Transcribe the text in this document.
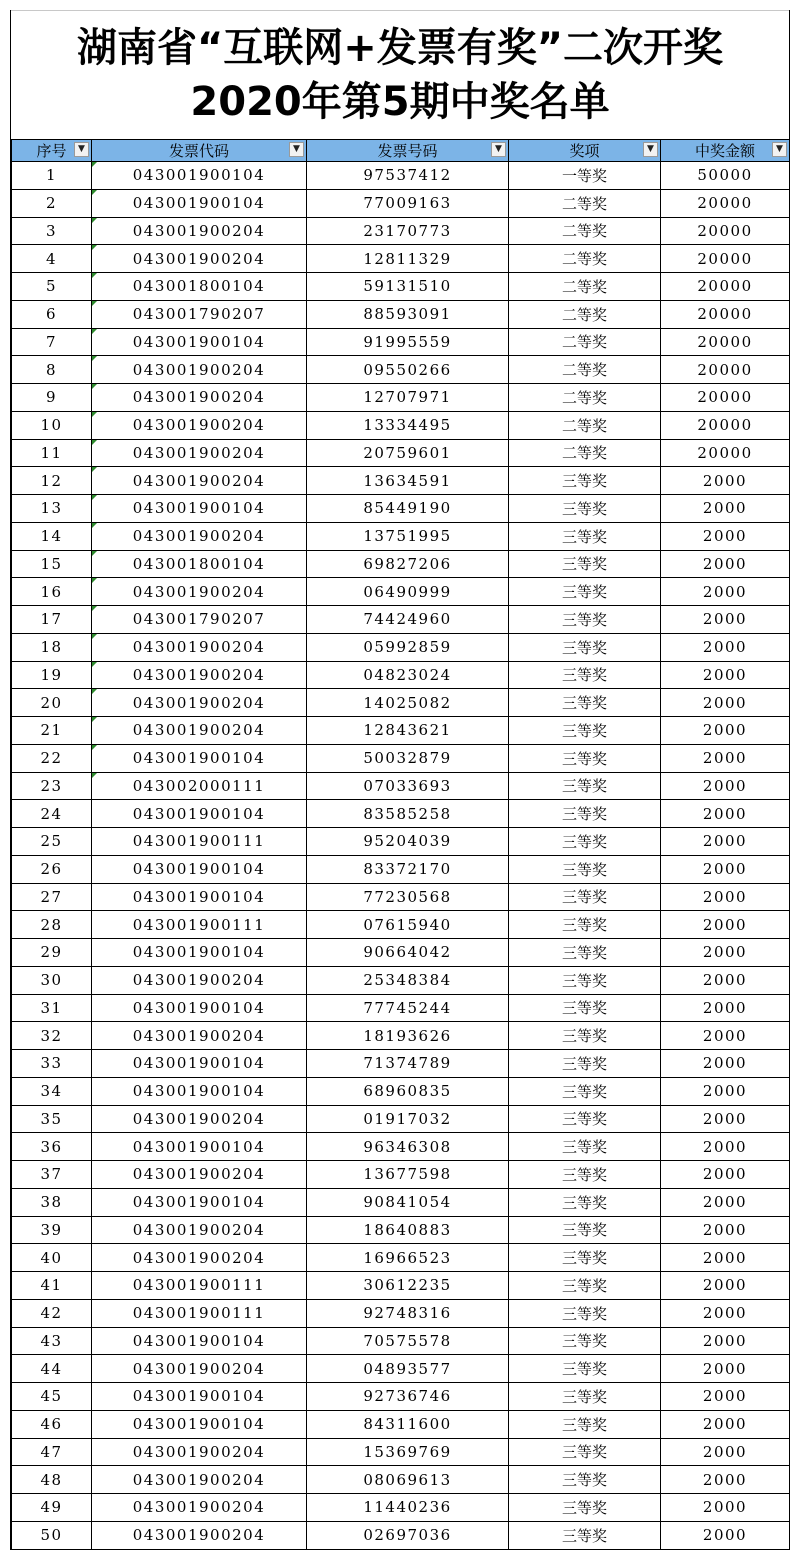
湖南省“互联网+发票有奖”二次开奖
2020年第5期中奖名单
序号 ▼	发票代码 ▼	发票号码 ▼	奖项 ▼	中奖金额 ▼

1	043001900104	97537412	一等奖	50000
2	043001900104	77009163	二等奖	20000
3	043001900204	23170773	二等奖	20000
4	043001900204	12811329	二等奖	20000
5	043001800104	59131510	二等奖	20000
6	043001790207	88593091	二等奖	20000
7	043001900104	91995559	二等奖	20000
8	043001900204	09550266	二等奖	20000
9	043001900204	12707971	二等奖	20000
10	043001900204	13334495	二等奖	20000
11	043001900204	20759601	二等奖	20000
12	043001900204	13634591	三等奖	2000
13	043001900104	85449190	三等奖	2000
14	043001900204	13751995	三等奖	2000
15	043001800104	69827206	三等奖	2000
16	043001900204	06490999	三等奖	2000
17	043001790207	74424960	三等奖	2000
18	043001900204	05992859	三等奖	2000
19	043001900204	04823024	三等奖	2000
20	043001900204	14025082	三等奖	2000
21	043001900204	12843621	三等奖	2000
22	043001900104	50032879	三等奖	2000
23	043002000111	07033693	三等奖	2000
24	043001900104	83585258	三等奖	2000
25	043001900111	95204039	三等奖	2000
26	043001900104	83372170	三等奖	2000
27	043001900104	77230568	三等奖	2000
28	043001900111	07615940	三等奖	2000
29	043001900104	90664042	三等奖	2000
30	043001900204	25348384	三等奖	2000
31	043001900104	77745244	三等奖	2000
32	043001900204	18193626	三等奖	2000
33	043001900104	71374789	三等奖	2000
34	043001900104	68960835	三等奖	2000
35	043001900204	01917032	三等奖	2000
36	043001900104	96346308	三等奖	2000
37	043001900204	13677598	三等奖	2000
38	043001900104	90841054	三等奖	2000
39	043001900204	18640883	三等奖	2000
40	043001900204	16966523	三等奖	2000
41	043001900111	30612235	三等奖	2000
42	043001900111	92748316	三等奖	2000
43	043001900104	70575578	三等奖	2000
44	043001900204	04893577	三等奖	2000
45	043001900104	92736746	三等奖	2000
46	043001900104	84311600	三等奖	2000
47	043001900204	15369769	三等奖	2000
48	043001900204	08069613	三等奖	2000
49	043001900204	11440236	三等奖	2000
50	043001900204	02697036	三等奖	2000
